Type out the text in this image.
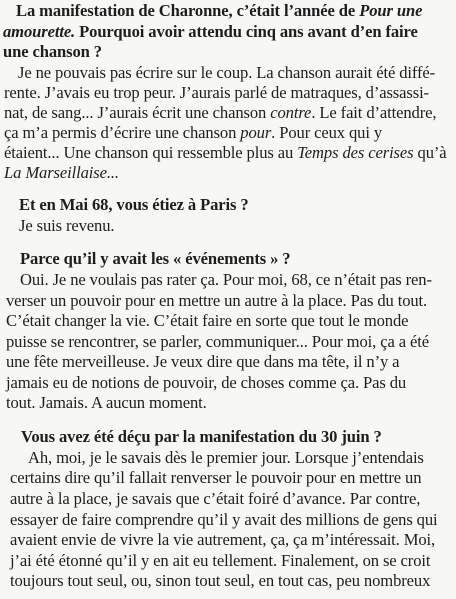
La manifestation de Charonne, c’était l’année de Pour une
amourette. Pourquoi avoir attendu cinq ans avant d’en faire
une chanson ?
Je ne pouvais pas écrire sur le coup. La chanson aurait été diffé-
rente. J’avais eu trop peur. J’aurais parlé de matraques, d’assassi-
nat, de sang... J’aurais écrit une chanson contre. Le fait d’attendre,
ça m’a permis d’écrire une chanson pour. Pour ceux qui y
étaient... Une chanson qui ressemble plus au Temps des cerises qu’à
La Marseillaise...
Et en Mai 68, vous étiez à Paris ?
Je suis revenu.
Parce qu’il y avait les « événements » ?
Oui. Je ne voulais pas rater ça. Pour moi, 68, ce n’était pas ren-
verser un pouvoir pour en mettre un autre à la place. Pas du tout.
C’était changer la vie. C’était faire en sorte que tout le monde
puisse se rencontrer, se parler, communiquer... Pour moi, ça a été
une fête merveilleuse. Je veux dire que dans ma tête, il n’y a
jamais eu de notions de pouvoir, de choses comme ça. Pas du
tout. Jamais. A aucun moment.
Vous avez été déçu par la manifestation du 30 juin ?
Ah, moi, je le savais dès le premier jour. Lorsque j’entendais
certains dire qu’il fallait renverser le pouvoir pour en mettre un
autre à la place, je savais que c’était foiré d’avance. Par contre,
essayer de faire comprendre qu’il y avait des millions de gens qui
avaient envie de vivre la vie autrement, ça, ça m’intéressait. Moi,
j’ai été étonné qu’il y en ait eu tellement. Finalement, on se croit
toujours tout seul, ou, sinon tout seul, en tout cas, peu nombreux
